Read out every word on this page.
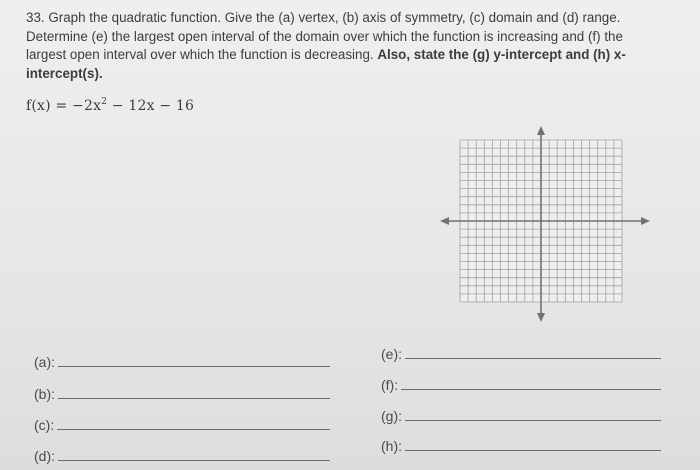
33. Graph the quadratic function. Give the (a) vertex, (b) axis of symmetry, (c) domain and (d) range. Determine (e) the largest open interval of the domain over which the function is increasing and (f) the largest open interval over which the function is decreasing. Also, state the (g) y-intercept and (h) x-intercept(s).
$f(x) = -2x^2 - 12x - 16$
(a):
(b):
(c):
(d):
(e):
(f):
(g):
(h):
